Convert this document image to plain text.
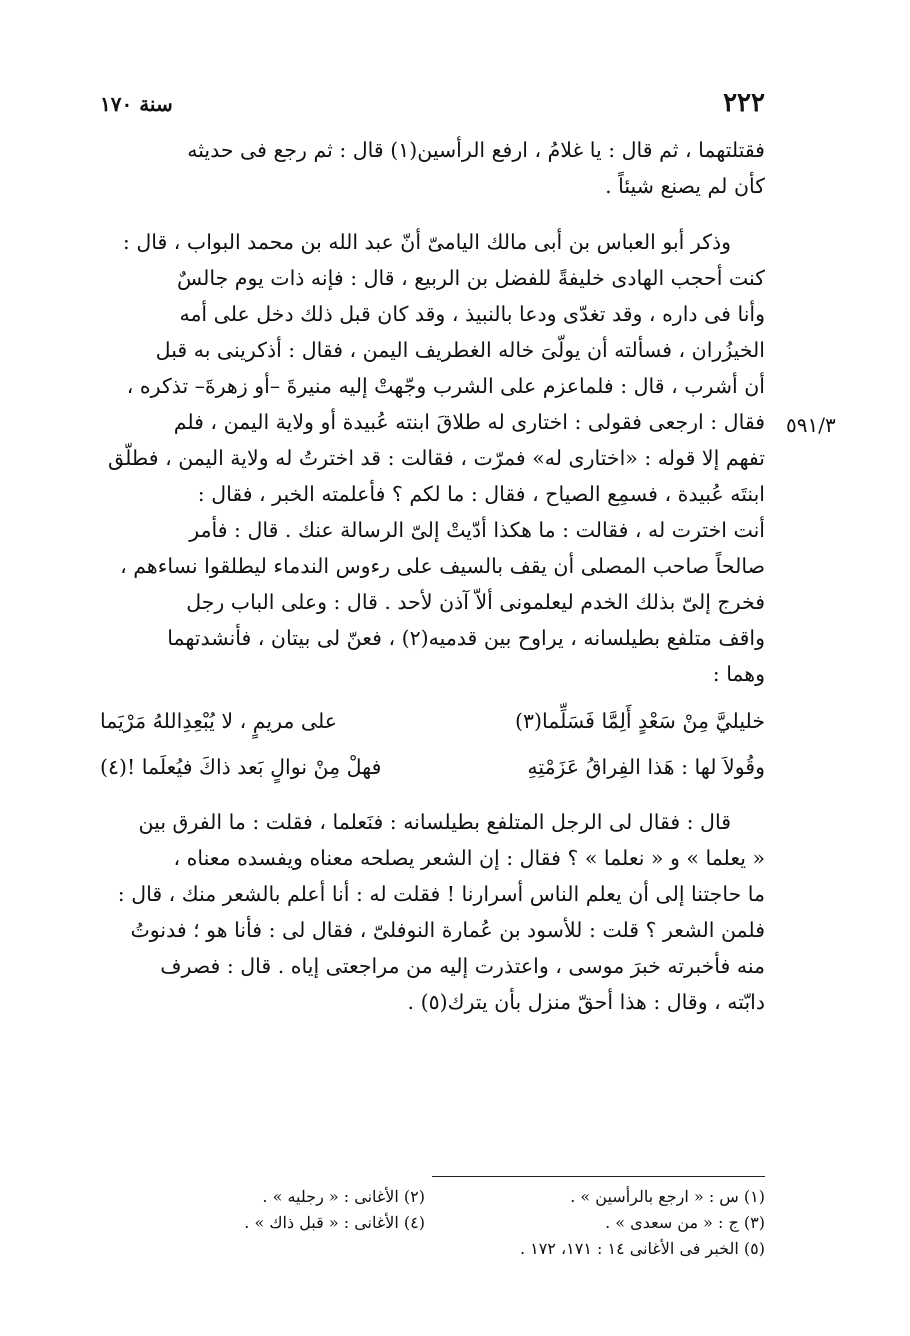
٢٢٢
سنة ١٧٠
٥٩١/٣

فقتلتهما ، ثم قال : يا غلامُ ، ارفع الرأسين(١) قال : ثم رجع فى حديثه
كأن لم يصنع شيئاً .

وذكر أبو العباس بن أبى مالك اليامىّ أنّ عبد الله بن محمد البواب ، قال :
كنت أحجب الهادى خليفةً للفضل بن الربيع ، قال : فإنه ذات يوم جالسٌ
وأنا فى داره ، وقد تغدّى ودعا بالنبيذ ، وقد كان قبل ذلك دخل على أمه
الخيزُران ، فسألته أن يولّىَ خاله الغطريف اليمن ، فقال : أذكرينى به قبل
أن أشرب ، قال : فلماعزم على الشرب وجّهتْ إليه منيرةَ –أو زهرةَ– تذكره ،
فقال : ارجعى فقولى : اختارى له طلاقَ ابنته عُبيدة أو ولاية اليمن ، فلم
تفهم إلا قوله : «اختارى له» فمرّت ، فقالت : قد اخترتُ له ولاية اليمن ، فطلّق
ابنتَه عُبيدة ، فسمِع الصياح ، فقال : ما لكم ؟ فأعلمته الخبر ، فقال :
أنت اخترت له ، فقالت : ما هكذا أدّيتْ إلىّ الرسالة عنك . قال : فأمر
صالحاً صاحب المصلى أن يقف بالسيف على رءوس الندماء ليطلقوا نساءهم ،
فخرج إلىّ بذلك الخدم ليعلمونى ألاّ آذن لأحد . قال : وعلى الباب رجل
واقف متلفع بطيلسانه ، يراوح بين قدميه(٢) ، فعنّ لى بيتان ، فأنشدتهما
وهما :

خليليَّ مِنْ سَعْدٍ أَلِمَّا فَسَلِّما(٣)
على مريمٍ ، لا يُبْعِدِاللهُ مَرْيَما
وقُولاَ لها : هَذا الفِراقُ عَزَمْتِهِ
فهلْ مِنْ نوالٍ بَعد ذاكَ فيُعلَما !(٤)

قال : فقال لى الرجل المتلفع بطيلسانه : فنَعلما ، فقلت : ما الفرق بين
« يعلما » و « نعلما » ؟ فقال : إن الشعر يصلحه معناه ويفسده معناه ،
ما حاجتنا إلى أن يعلم الناس أسرارنا ! فقلت له : أنا أعلم بالشعر منك ، قال :
فلمن الشعر ؟ قلت : للأسود بن عُمارة النوفلىّ ، فقال لى : فأنا هو ؛ فدنوتُ
منه فأخبرته خبرَ موسى ، واعتذرت إليه من مراجعتى إياه . قال : فصرف
دابّته ، وقال : هذا أحقّ منزل بأن يترك(٥) .

(١) س : « ارجع بالرأسين » .
(٢) الأغانى : « رجليه » .
(٣) ج : « من سعدى » .
(٤) الأغانى : « قبل ذاك » .
(٥) الخبر فى الأغانى ١٤ : ١٧١، ١٧٢ .
